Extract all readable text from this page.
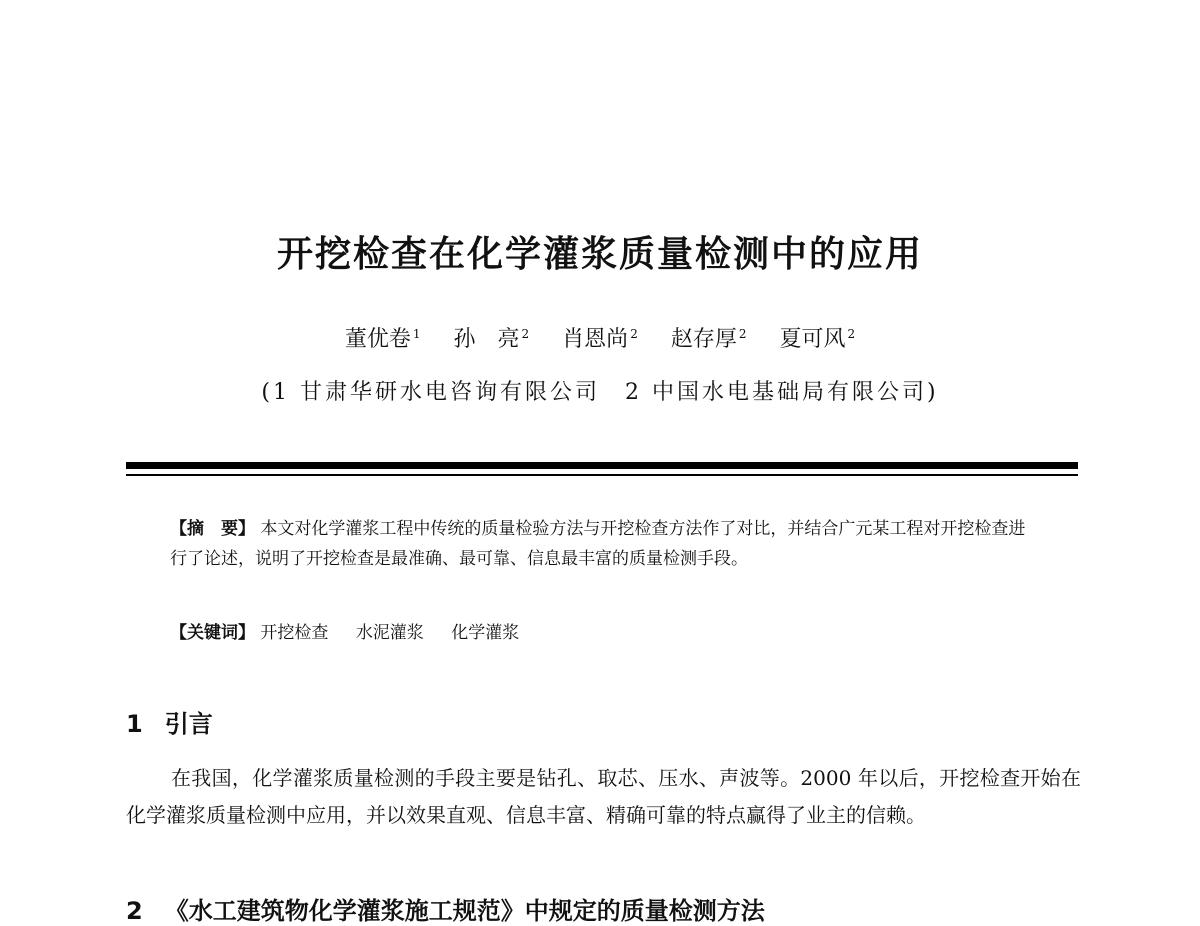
开挖检查在化学灌浆质量检测中的应用
董优卷 $^1$ 孙　亮 $^2$ 肖恩尚 $^2$ 赵存厚 $^2$ 夏可风 $^2$
(1 甘肃华研水电咨询有限公司　2 中国水电基础局有限公司)
【摘　要】 本文对化学灌浆工程中传统的质量检验方法与开挖检查方法作了对比，并结合广元某工程对开挖检查进行了论述，说明了开挖检查是最准确、最可靠、信息最丰富的质量检测手段。
【关键词】 开挖检查 水泥灌浆 化学灌浆
1 引言

在我国，化学灌浆质量检测的手段主要是钻孔、取芯、压水、声波等。2000 年以后，开挖检查开始在化学灌浆质量检测中应用，并以效果直观、信息丰富、精确可靠的特点赢得了业主的信赖。

2 《水工建筑物化学灌浆施工规范》中规定的质量检测方法
